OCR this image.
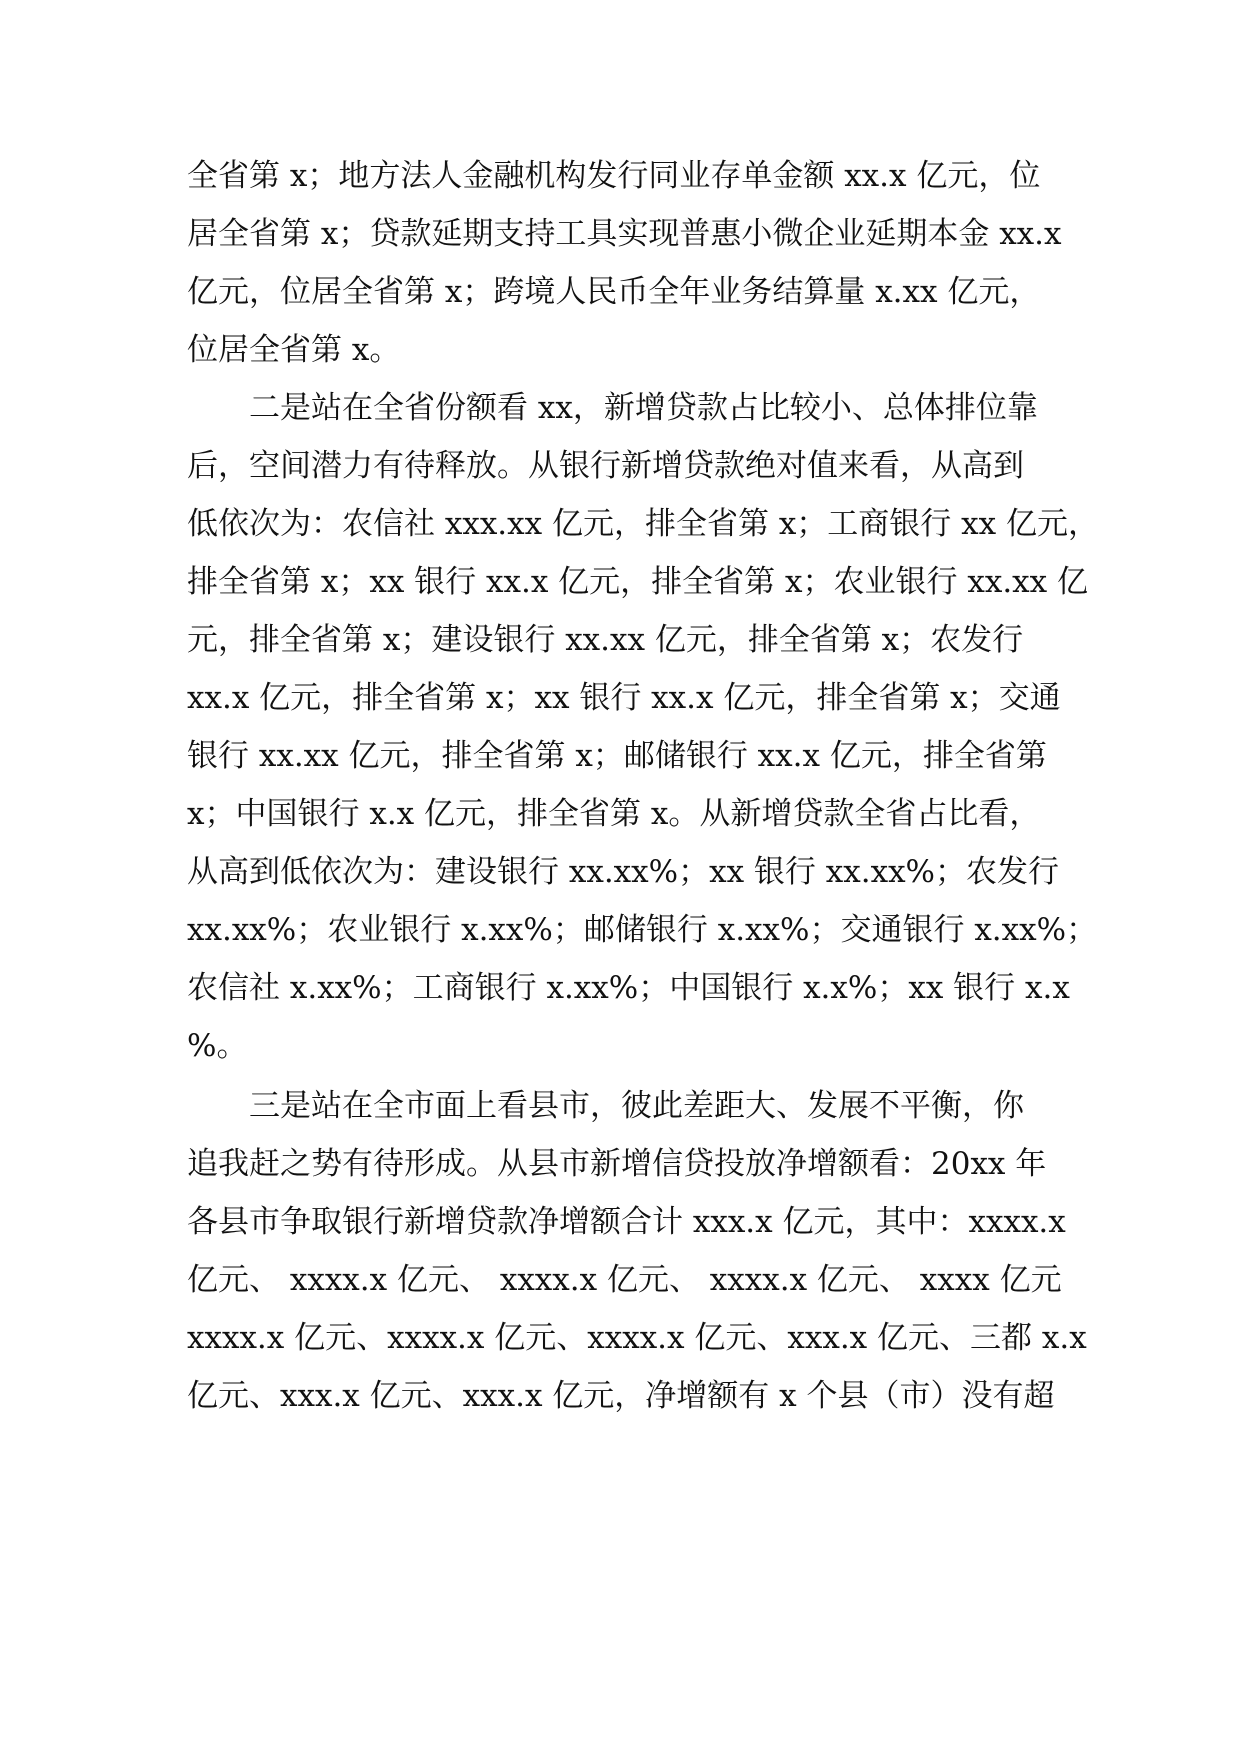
全省第 x；地方法人金融机构发行同业存单金额 xx.x 亿元，位

居全省第 x；贷款延期支持工具实现普惠小微企业延期本金 xx.x

亿元，位居全省第 x；跨境人民币全年业务结算量 x.xx 亿元，

位居全省第 x。

　　二是站在全省份额看 xx，新增贷款占比较小、总体排位靠

后，空间潜力有待释放。从银行新增贷款绝对值来看，从高到

低依次为：农信社 xxx.xx 亿元，排全省第 x；工商银行 xx 亿元，

排全省第 x；xx 银行 xx.x 亿元，排全省第 x；农业银行 xx.xx 亿

元，排全省第 x；建设银行 xx.xx 亿元，排全省第 x；农发行

xx.x 亿元，排全省第 x；xx 银行 xx.x 亿元，排全省第 x；交通

银行 xx.xx 亿元，排全省第 x；邮储银行 xx.x 亿元，排全省第

x；中国银行 x.x 亿元，排全省第 x。从新增贷款全省占比看，

从高到低依次为：建设银行 xx.xx%；xx 银行 xx.xx%；农发行

xx.xx%；农业银行 x.xx%；邮储银行 x.xx%；交通银行 x.xx%；

农信社 x.xx%；工商银行 x.xx%；中国银行 x.x%；xx 银行 x.x

%。

　　三是站在全市面上看县市，彼此差距大、发展不平衡，你

追我赶之势有待形成。从县市新增信贷投放净增额看：20xx 年

各县市争取银行新增贷款净增额合计 xxx.x 亿元，其中：xxxx.x

亿元、 xxxx.x 亿元、 xxxx.x 亿元、 xxxx.x 亿元、 xxxx 亿元

xxxx.x 亿元、xxxx.x 亿元、xxxx.x 亿元、xxx.x 亿元、三都 x.x

亿元、xxx.x 亿元、xxx.x 亿元，净增额有 x 个县（市）没有超
